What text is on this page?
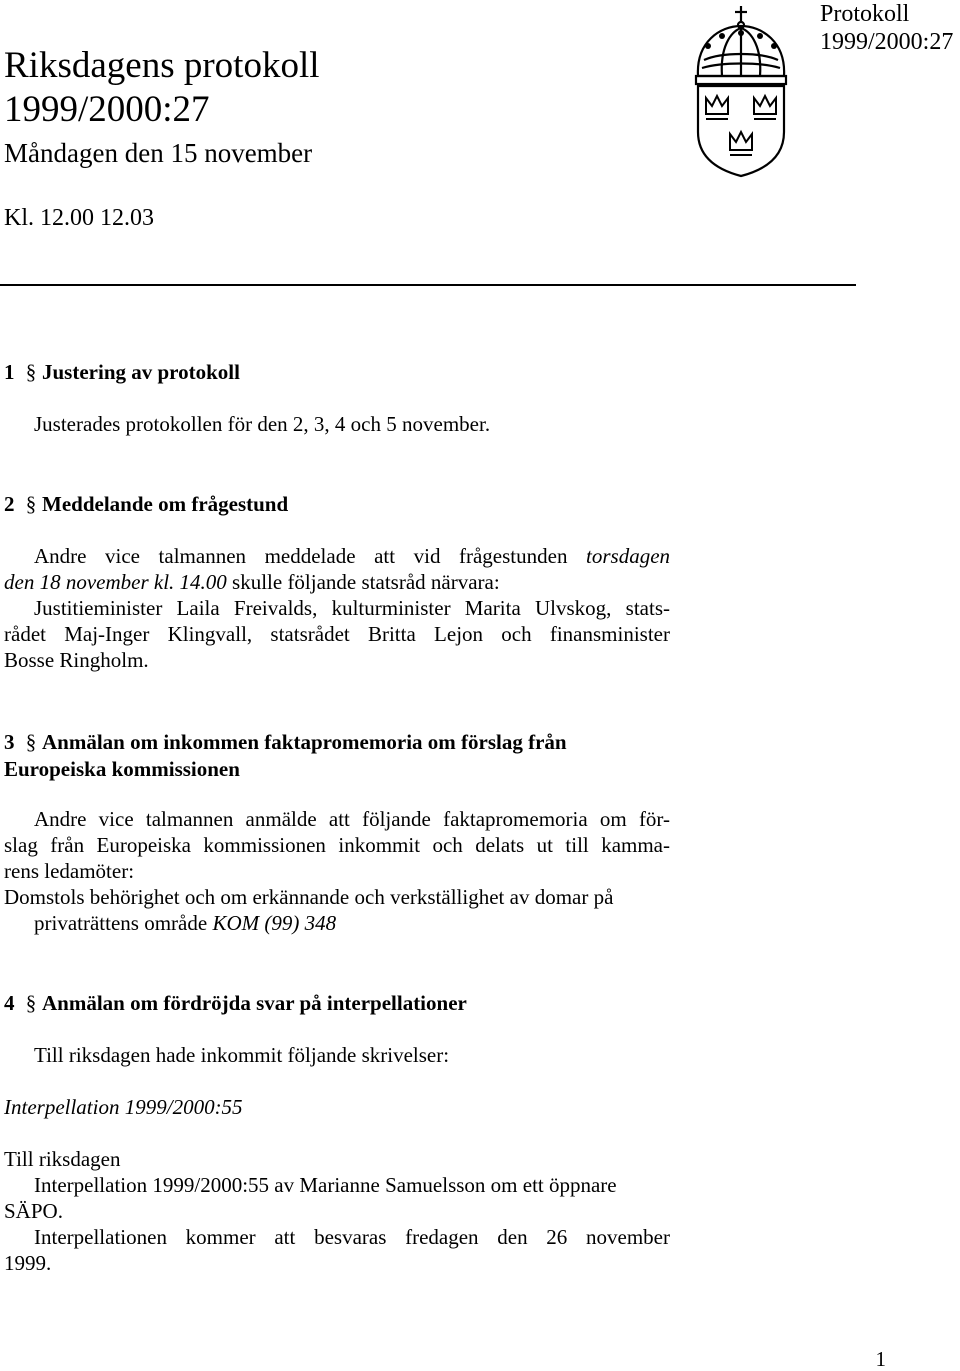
Riksdagens protokoll
1999/2000:27
Måndagen den 15 november
Kl. 12.00 12.03
Protokoll
1999/2000:27
1 § Justering av protokoll
Justerades protokollen för den 2, 3, 4 och 5 november.
2 § Meddelande om frågestund
Andre vice talmannen meddelade att vid frågestunden torsdagen
den 18 november kl. 14.00 skulle följande statsråd närvara:
Justitieminister Laila Freivalds, kulturminister Marita Ulvskog, stats-
rådet Maj-Inger Klingvall, statsrådet Britta Lejon och finansminister
Bosse Ringholm.
3 § Anmälan om inkommen faktapromemoria om förslag från
Europeiska kommissionen
Andre vice talmannen anmälde att följande faktapromemoria om för-
slag från Europeiska kommissionen inkommit och delats ut till kamma-
rens ledamöter:
Domstols behörighet och om erkännande och verkställighet av domar på
privaträttens område KOM (99) 348
4 § Anmälan om fördröjda svar på interpellationer
Till riksdagen hade inkommit följande skrivelser:
Interpellation 1999/2000:55
Till riksdagen
Interpellation 1999/2000:55 av Marianne Samuelsson om ett öppnare
SÄPO.
Interpellationen kommer att besvaras fredagen den 26 november
1999.
1
